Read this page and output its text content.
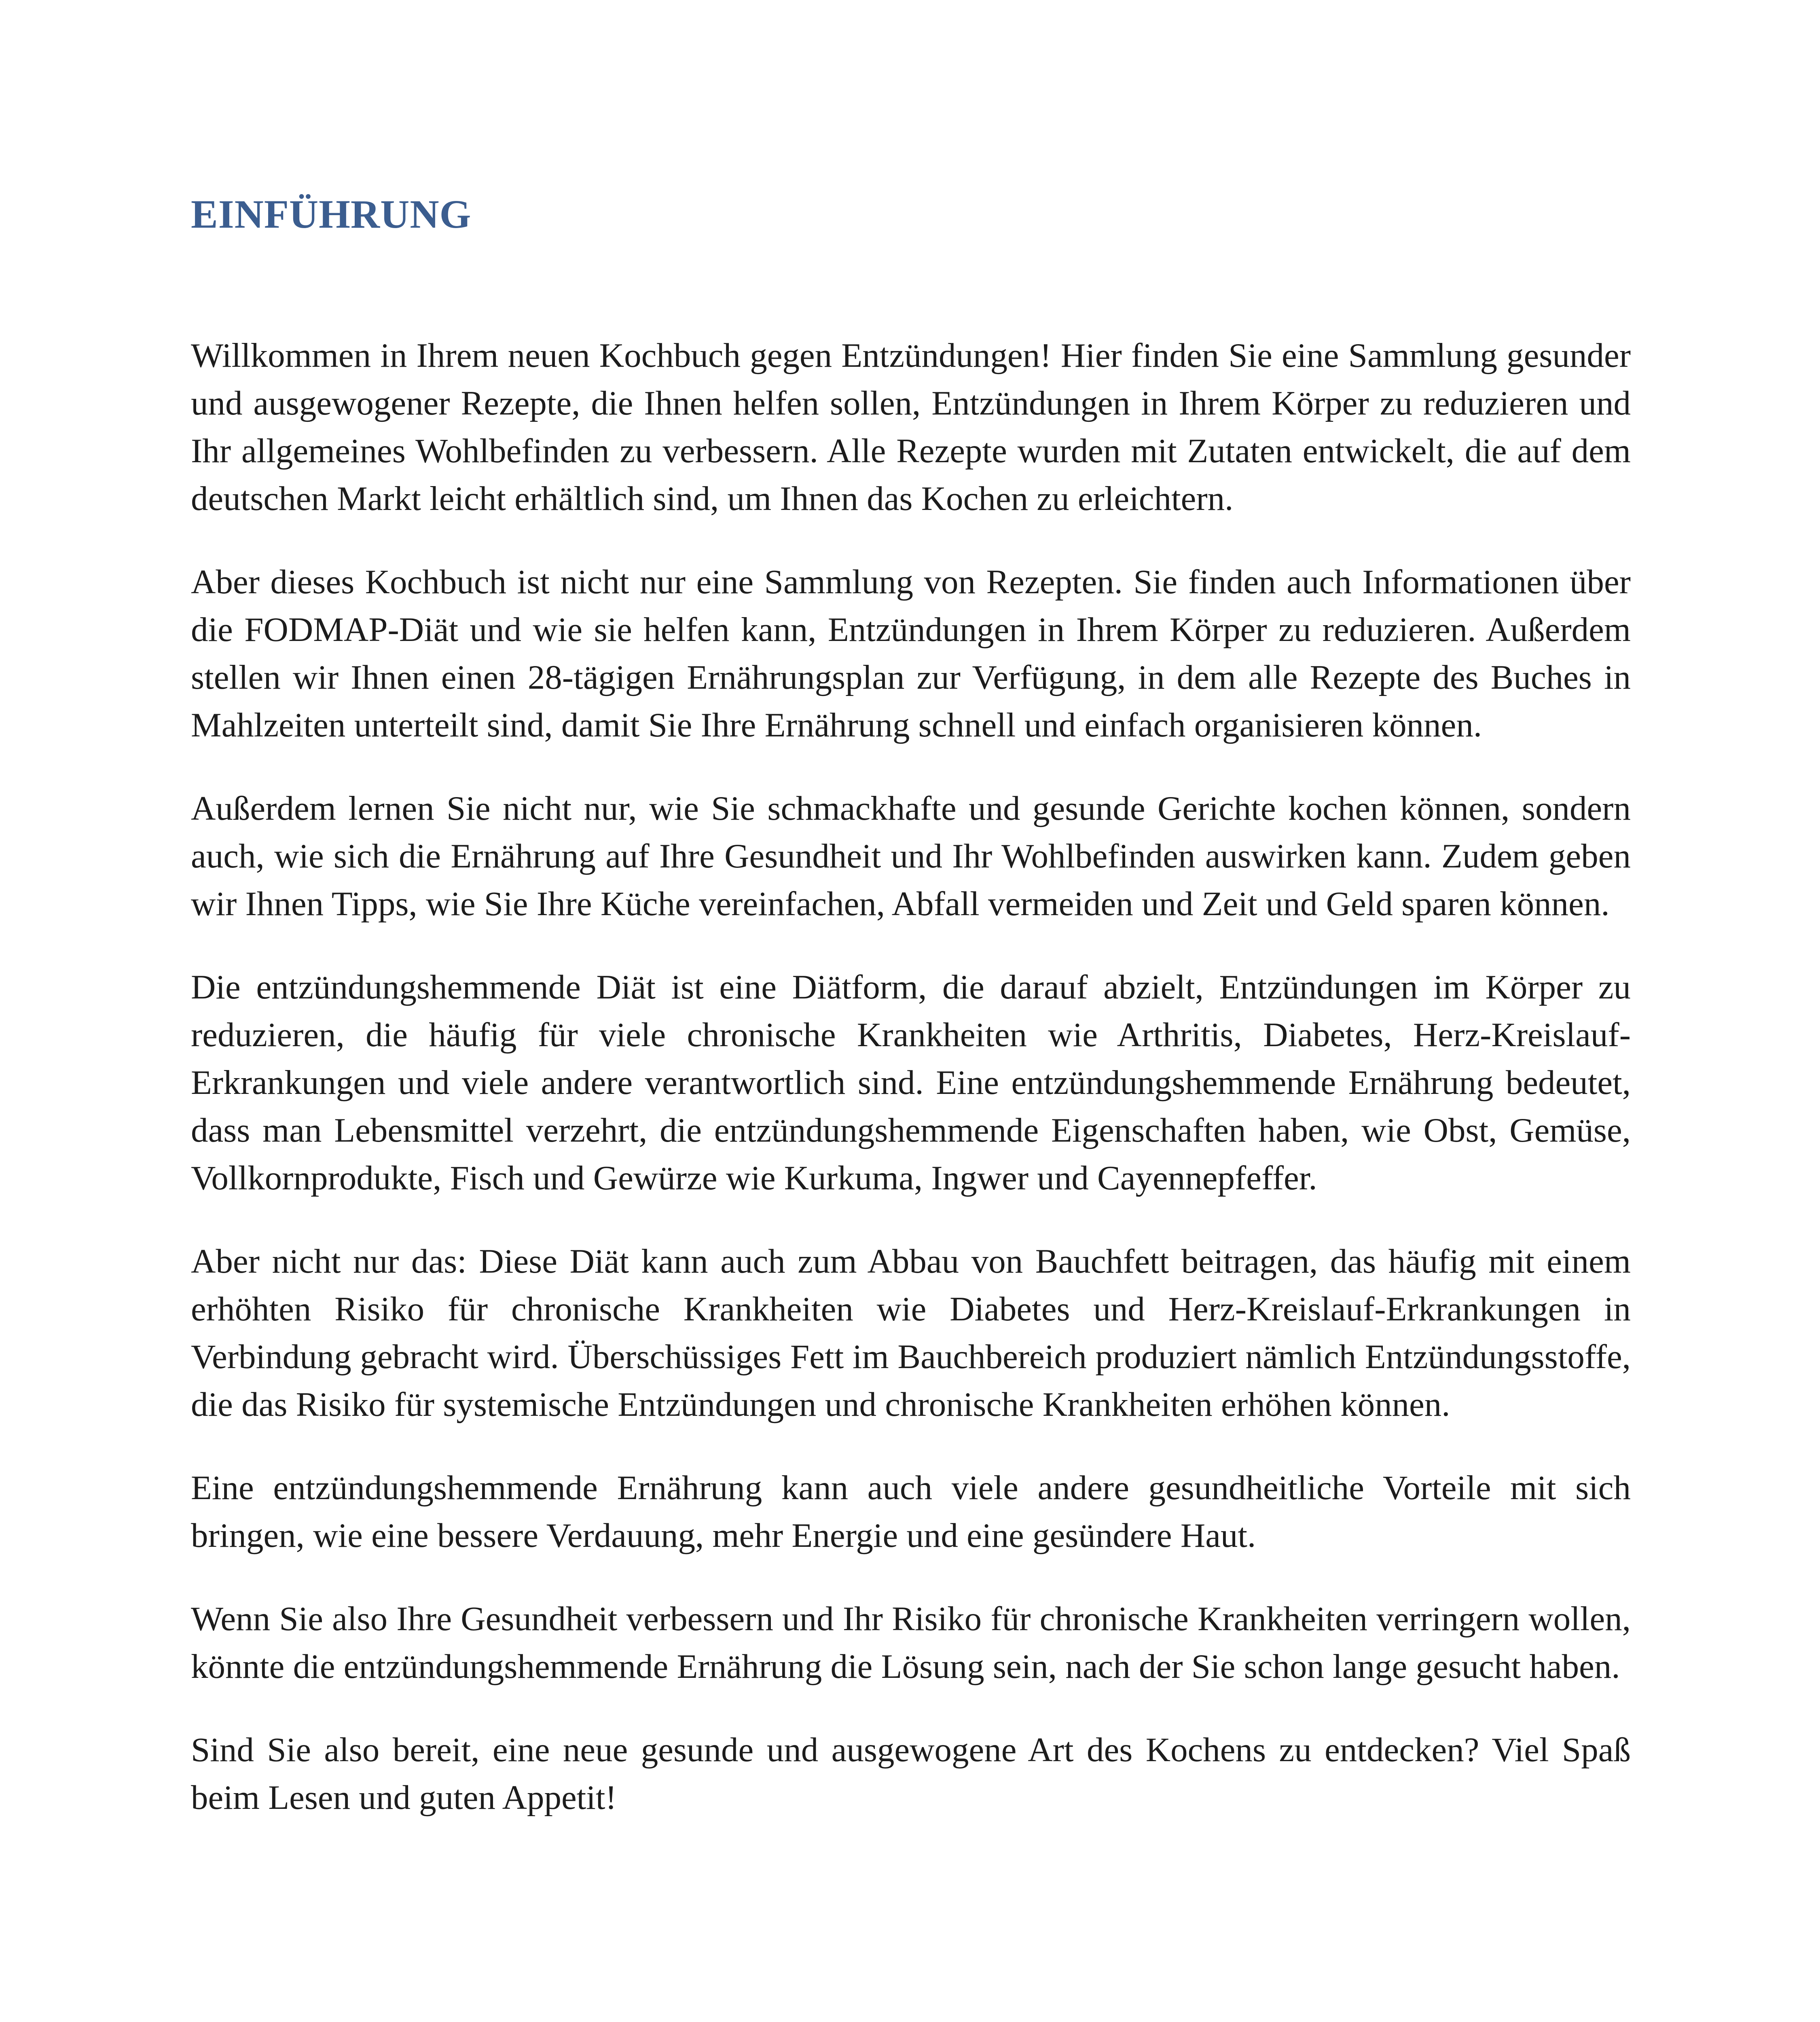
EINFÜHRUNG

Willkommen in Ihrem neuen Kochbuch gegen Entzündungen! Hier finden Sie eine Sammlung gesunder und ausgewogener Rezepte, die Ihnen helfen sollen, Entzündungen in Ihrem Körper zu reduzieren und Ihr allgemeines Wohlbefinden zu verbessern. Alle Rezepte wurden mit Zutaten entwickelt, die auf dem deutschen Markt leicht erhältlich sind, um Ihnen das Kochen zu erleichtern.

Aber dieses Kochbuch ist nicht nur eine Sammlung von Rezepten. Sie finden auch Informationen über die FODMAP-Diät und wie sie helfen kann, Entzündungen in Ihrem Körper zu reduzieren. Außerdem stellen wir Ihnen einen 28-tägigen Ernährungsplan zur Verfügung, in dem alle Rezepte des Buches in Mahlzeiten unterteilt sind, damit Sie Ihre Ernährung schnell und einfach organisieren können.

Außerdem lernen Sie nicht nur, wie Sie schmackhafte und gesunde Gerichte kochen können, sondern auch, wie sich die Ernährung auf Ihre Gesundheit und Ihr Wohlbefinden auswirken kann. Zudem geben wir Ihnen Tipps, wie Sie Ihre Küche vereinfachen, Abfall vermeiden und Zeit und Geld sparen können.

Die entzündungshemmende Diät ist eine Diätform, die darauf abzielt, Entzündungen im Körper zu reduzieren, die häufig für viele chronische Krankheiten wie Arthritis, Diabetes, Herz-Kreislauf-Erkrankungen und viele andere verantwortlich sind. Eine entzündungshemmende Ernährung bedeutet, dass man Lebensmittel verzehrt, die entzündungshemmende Eigenschaften haben, wie Obst, Gemüse, Vollkornprodukte, Fisch und Gewürze wie Kurkuma, Ingwer und Cayennepfeffer.

Aber nicht nur das: Diese Diät kann auch zum Abbau von Bauchfett beitragen, das häufig mit einem erhöhten Risiko für chronische Krankheiten wie Diabetes und Herz-Kreislauf-Erkrankungen in Verbindung gebracht wird. Überschüssiges Fett im Bauchbereich produziert nämlich Entzündungsstoffe, die das Risiko für systemische Entzündungen und chronische Krankheiten erhöhen können.

Eine entzündungshemmende Ernährung kann auch viele andere gesundheitliche Vorteile mit sich bringen, wie eine bessere Verdauung, mehr Energie und eine gesündere Haut.

Wenn Sie also Ihre Gesundheit verbessern und Ihr Risiko für chronische Krankheiten verringern wollen, könnte die entzündungshemmende Ernährung die Lösung sein, nach der Sie schon lange gesucht haben.

Sind Sie also bereit, eine neue gesunde und ausgewogene Art des Kochens zu entdecken? Viel Spaß beim Lesen und guten Appetit!
